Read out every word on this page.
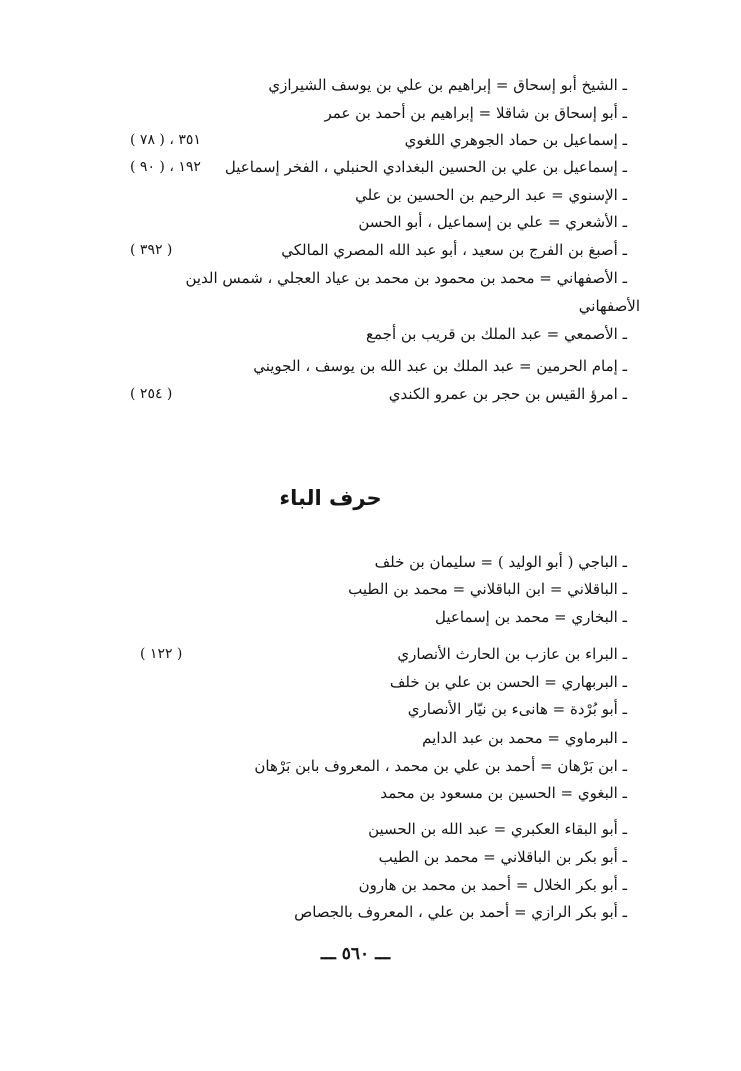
ـ الشيخ أبو إسحاق = إبراهيم بن علي بن يوسف الشيرازي
ـ أبو إسحاق بن شاقلا = إبراهيم بن أحمد بن عمر
ـ إسماعيل بن حماد الجوهري اللغوي
( ٧٨ ) ، ٣٥١
ـ إسماعيل بن علي بن الحسين البغدادي الحنبلي ، الفخر إسماعيل
( ٩٠ ) ، ١٩٢
ـ الإسنوي = عبد الرحيم بن الحسين بن علي
ـ الأشعري = علي بن إسماعيل ، أبو الحسن
ـ أصبغ بن الفرج بن سعيد ، أبو عبد الله المصري المالكي
( ٣٩٢ )
ـ الأصفهاني = محمد بن محمود بن محمد بن عياد العجلي ، شمس الدين
الأصفهاني
ـ الأصمعي = عبد الملك بن قريب بن أجمع
ـ إمام الحرمين = عبد الملك بن عبد الله بن يوسف ، الجويني
ـ امرؤ القيس بن حجر بن عمرو الكندي
( ٢٥٤ )
حرف الباء
ـ الباجي ( أبو الوليد ) = سليمان بن خلف
ـ الباقلاني = ابن الباقلاني = محمد بن الطيب
ـ البخاري = محمد بن إسماعيل
ـ البراء بن عازب بن الحارث الأنصاري
( ١٢٢ )
ـ البربهاري = الحسن بن علي بن خلف
ـ أبو بُرْدة = هانىء بن نيّار الأنصاري
ـ البرماوي = محمد بن عبد الدايم
ـ ابن بَرْهان = أحمد بن علي بن محمد ، المعروف بابن بَرْهان
ـ البغوي = الحسين بن مسعود بن محمد
ـ أبو البقاء العكبري = عبد الله بن الحسين
ـ أبو بكر بن الباقلاني = محمد بن الطيب
ـ أبو بكر الخلال = أحمد بن محمد بن هارون
ـ أبو بكر الرازي = أحمد بن علي ، المعروف بالجصاص
ـــ ٥٦٠ ـــ
